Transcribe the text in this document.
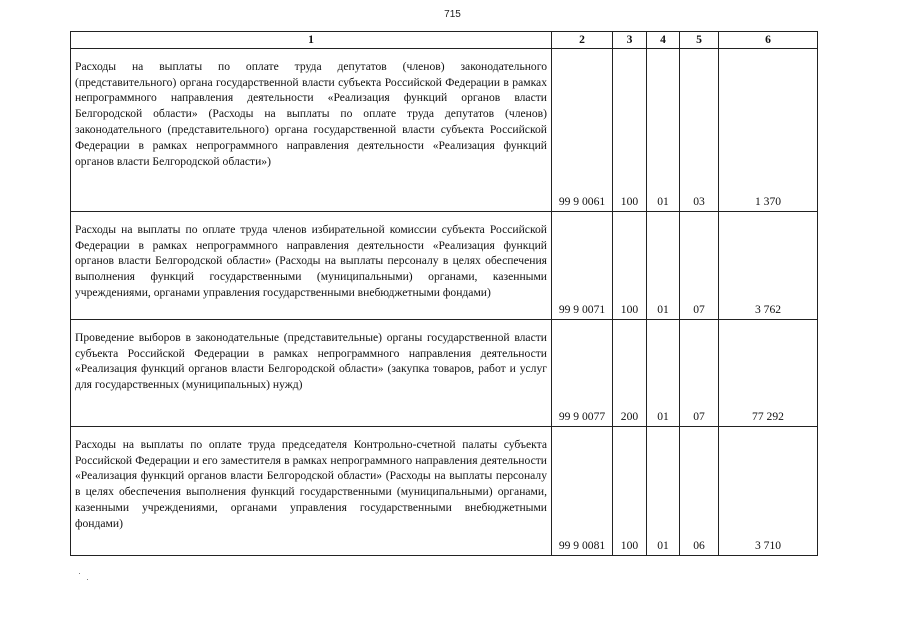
715
1	2	3	4	5	6
Расходы на выплаты по оплате труда депутатов (членов) законодательного (представительного) органа государственной власти субъекта Российской Федерации в рамках непрограммного направления деятельности «Реализация функций органов власти Белгородской области» (Расходы на выплаты по оплате труда депутатов (членов) законодательного (представительного) органа государственной власти субъекта Российской Федерации в рамках непрограммного направления деятельности «Реализация функций органов власти Белгородской области»)	99 9 0061	100	01	03	1 370
Расходы на выплаты по оплате труда членов избирательной комиссии субъекта Российской Федерации в рамках непрограммного направления деятельности «Реализация функций органов власти Белгородской области» (Расходы на выплаты персоналу в целях обеспечения выполнения функций государственными (муниципальными) органами, казенными учреждениями, органами управления государственными внебюджетными фондами)	99 9 0071	100	01	07	3 762
Проведение выборов в законодательные (представительные) органы государственной власти субъекта Российской Федерации в рамках непрограммного направления деятельности «Реализация функций органов власти Белгородской области» (закупка товаров, работ и услуг для государственных (муниципальных) нужд)	99 9 0077	200	01	07	77 292
Расходы на выплаты по оплате труда председателя Контрольно-счетной палаты субъекта Российской Федерации и его заместителя в рамках непрограммного направления деятельности «Реализация функций органов власти Белгородской области» (Расходы на выплаты персоналу в целях обеспечения выполнения функций государственными (муниципальными) органами, казенными учреждениями, органами управления государственными внебюджетными фондами)	99 9 0081	100	01	06	3 710
·
·
